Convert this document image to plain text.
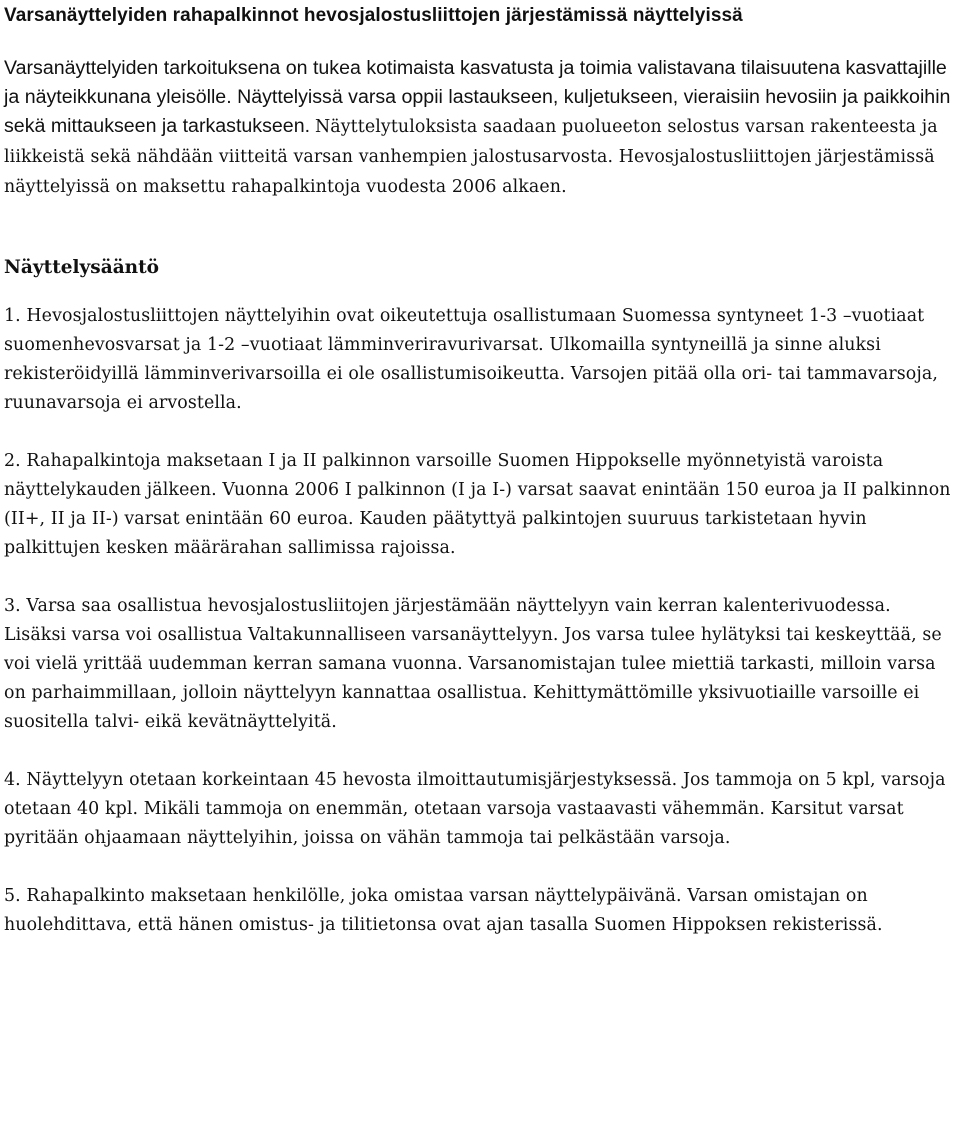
Varsanäyttelyiden rahapalkinnot hevosjalostusliittojen järjestämissä näyttelyissä

Varsanäyttelyiden tarkoituksena on tukea kotimaista kasvatusta ja toimia valistavana tilaisuutena kasvattajille ja näyteikkunana yleisölle. Näyttelyissä varsa oppii lastaukseen, kuljetukseen, vieraisiin hevosiin ja paikkoihin sekä mittaukseen ja tarkastukseen. Näyttelytuloksista saadaan puolueeton selostus varsan rakenteesta ja liikkeistä sekä nähdään viitteitä varsan vanhempien jalostusarvosta. Hevosjalostusliittojen järjestämissä näyttelyissä on maksettu rahapalkintoja vuodesta 2006 alkaen.

Näyttelysääntö

1. Hevosjalostusliittojen näyttelyihin ovat oikeutettuja osallistumaan Suomessa syntyneet 1-3 –vuotiaat suomenhevosvarsat ja 1-2 –vuotiaat lämminveriravurivarsat. Ulkomailla syntyneillä ja sinne aluksi rekisteröidyillä lämminverivarsoilla ei ole osallistumisoikeutta. Varsojen pitää olla ori- tai tammavarsoja, ruunavarsoja ei arvostella.

2. Rahapalkintoja maksetaan I ja II palkinnon varsoille Suomen Hippokselle myönnetyistä varoista näyttelykauden jälkeen. Vuonna 2006 I palkinnon (I ja I-) varsat saavat enintään 150 euroa ja II palkinnon (II+, II ja II-) varsat enintään 60 euroa. Kauden päätyttyä palkintojen suuruus tarkistetaan hyvin palkittujen kesken määrärahan sallimissa rajoissa.

3. Varsa saa osallistua hevosjalostusliitojen järjestämään näyttelyyn vain kerran kalenterivuodessa. Lisäksi varsa voi osallistua Valtakunnalliseen varsanäyttelyyn. Jos varsa tulee hylätyksi tai keskeyttää, se voi vielä yrittää uudemman kerran samana vuonna. Varsanomistajan tulee miettiä tarkasti, milloin varsa on parhaimmillaan, jolloin näyttelyyn kannattaa osallistua. Kehittymättömille yksivuotiaille varsoille ei suositella talvi- eikä kevätnäyttelyitä.

4. Näyttelyyn otetaan korkeintaan 45 hevosta ilmoittautumisjärjestyksessä. Jos tammoja on 5 kpl, varsoja otetaan 40 kpl. Mikäli tammoja on enemmän, otetaan varsoja vastaavasti vähemmän. Karsitut varsat pyritään ohjaamaan näyttelyihin, joissa on vähän tammoja tai pelkästään varsoja.

5. Rahapalkinto maksetaan henkilölle, joka omistaa varsan näyttelypäivänä. Varsan omistajan on huolehdittava, että hänen omistus- ja tilitietonsa ovat ajan tasalla Suomen Hippoksen rekisterissä.
